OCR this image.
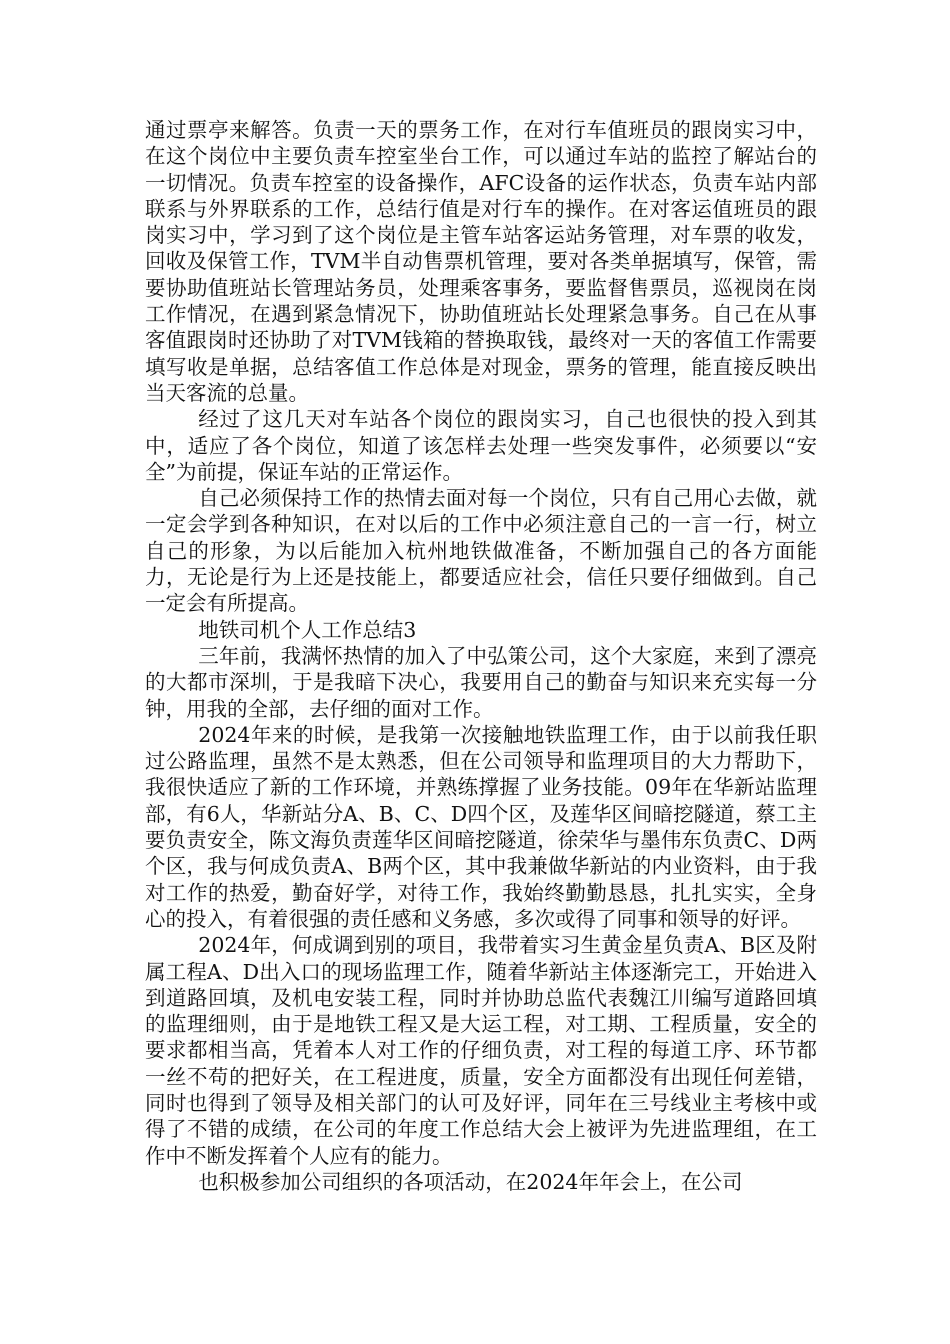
通过票亭来解答。负责一天的票务工作，在对行车值班员的跟岗实习中，在这个岗位中主要负责车控室坐台工作，可以通过车站的监控了解站台的一切情况。负责车控室的设备操作，AFC设备的运作状态，负责车站内部联系与外界联系的工作，总结行值是对行车的操作。在对客运值班员的跟岗实习中，学习到了这个岗位是主管车站客运站务管理，对车票的收发，回收及保管工作，TVM半自动售票机管理，要对各类单据填写，保管，需要协助值班站长管理站务员，处理乘客事务，要监督售票员，巡视岗在岗工作情况，在遇到紧急情况下，协助值班站长处理紧急事务。自己在从事客值跟岗时还协助了对TVM钱箱的替换取钱，最终对一天的客值工作需要填写收是单据，总结客值工作总体是对现金，票务的管理，能直接反映出当天客流的总量。

经过了这几天对车站各个岗位的跟岗实习，自己也很快的投入到其中，适应了各个岗位，知道了该怎样去处理一些突发事件，必须要以“安全”为前提，保证车站的正常运作。

自己必须保持工作的热情去面对每一个岗位，只有自己用心去做，就一定会学到各种知识，在对以后的工作中必须注意自己的一言一行，树立自己的形象，为以后能加入杭州地铁做准备，不断加强自己的各方面能力，无论是行为上还是技能上，都要适应社会，信任只要仔细做到。自己一定会有所提高。

地铁司机个人工作总结3

三年前，我满怀热情的加入了中弘策公司，这个大家庭，来到了漂亮的大都市深圳，于是我暗下决心，我要用自己的勤奋与知识来充实每一分钟，用我的全部，去仔细的面对工作。

2024年来的时候，是我第一次接触地铁监理工作，由于以前我任职过公路监理，虽然不是太熟悉，但在公司领导和监理项目的大力帮助下，我很快适应了新的工作环境，并熟练撑握了业务技能。09年在华新站监理部，有6人，华新站分A、B、C、D四个区，及莲华区间暗挖隧道，蔡工主要负责安全，陈文海负责莲华区间暗挖隧道，徐荣华与墨伟东负责C、D两个区，我与何成负责A、B两个区，其中我兼做华新站的内业资料，由于我对工作的热爱，勤奋好学，对待工作，我始终勤勤恳恳，扎扎实实，全身心的投入，有着很强的责任感和义务感，多次或得了同事和领导的好评。

2024年，何成调到别的项目，我带着实习生黄金星负责A、B区及附属工程A、D出入口的现场监理工作，随着华新站主体逐渐完工，开始进入到道路回填，及机电安装工程，同时并协助总监代表魏江川编写道路回填的监理细则，由于是地铁工程又是大运工程，对工期、工程质量，安全的要求都相当高，凭着本人对工作的仔细负责，对工程的每道工序、环节都一丝不苟的把好关，在工程进度，质量，安全方面都没有出现任何差错，同时也得到了领导及相关部门的认可及好评，同年在三号线业主考核中或得了不错的成绩，在公司的年度工作总结大会上被评为先进监理组，在工作中不断发挥着个人应有的能力。

也积极参加公司组织的各项活动，在2024年年会上，在公司
